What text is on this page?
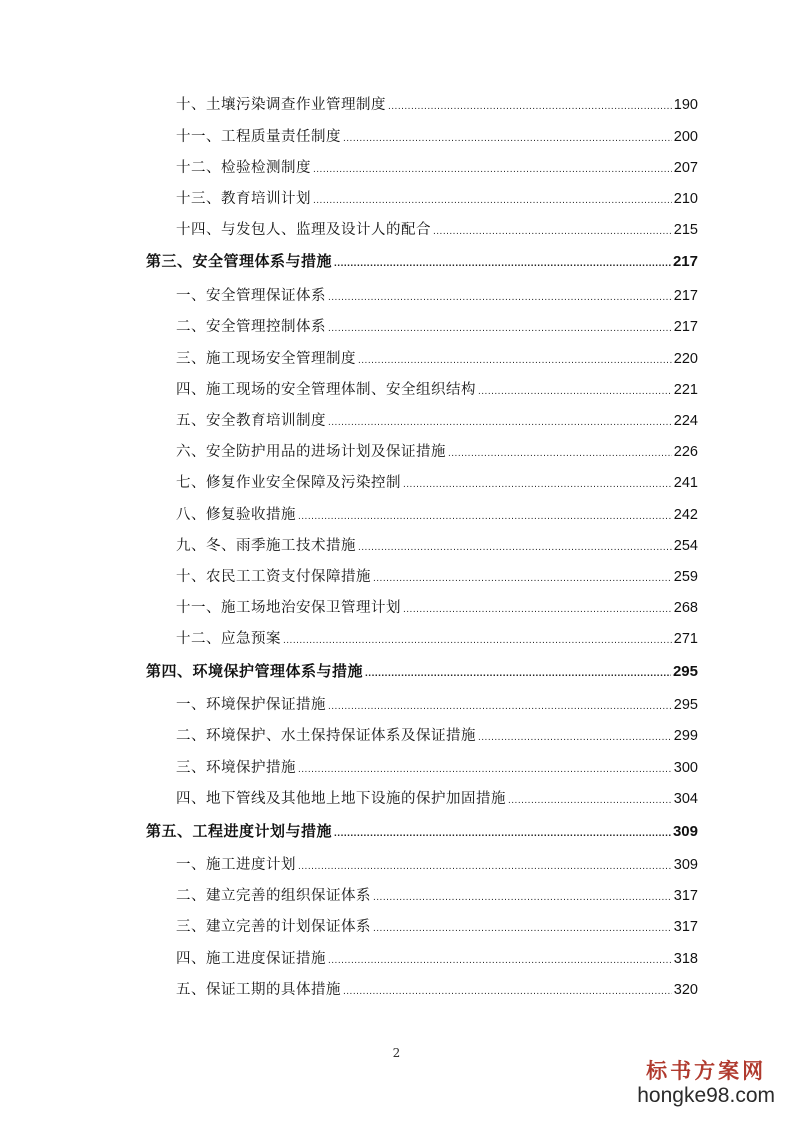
十、土壤污染调查作业管理制度 .....	190
十一、工程质量责任制度 .....	200
十二、检验检测制度 .....	207
十三、教育培训计划 .....	210
十四、与发包人、监理及设计人的配合 .....	215
第三、安全管理体系与措施 .....	217
一、安全管理保证体系 .....	217
二、安全管理控制体系 .....	217
三、施工现场安全管理制度 .....	220
四、施工现场的安全管理体制、安全组织结构 .....	221
五、安全教育培训制度 .....	224
六、安全防护用品的进场计划及保证措施 .....	226
七、修复作业安全保障及污染控制 .....	241
八、修复验收措施 .....	242
九、冬、雨季施工技术措施 .....	254
十、农民工工资支付保障措施 .....	259
十一、施工场地治安保卫管理计划 .....	268
十二、应急预案 .....	271
第四、环境保护管理体系与措施 .....	295
一、环境保护保证措施 .....	295
二、环境保护、水土保持保证体系及保证措施 .....	299
三、环境保护措施 .....	300
四、地下管线及其他地上地下设施的保护加固措施 .....	304
第五、工程进度计划与措施 .....	309
一、施工进度计划 .....	309
二、建立完善的组织保证体系 .....	317
三、建立完善的计划保证体系 .....	317
四、施工进度保证措施 .....	318
五、保证工期的具体措施 .....	320
2
标书方案网
hongke98.com
